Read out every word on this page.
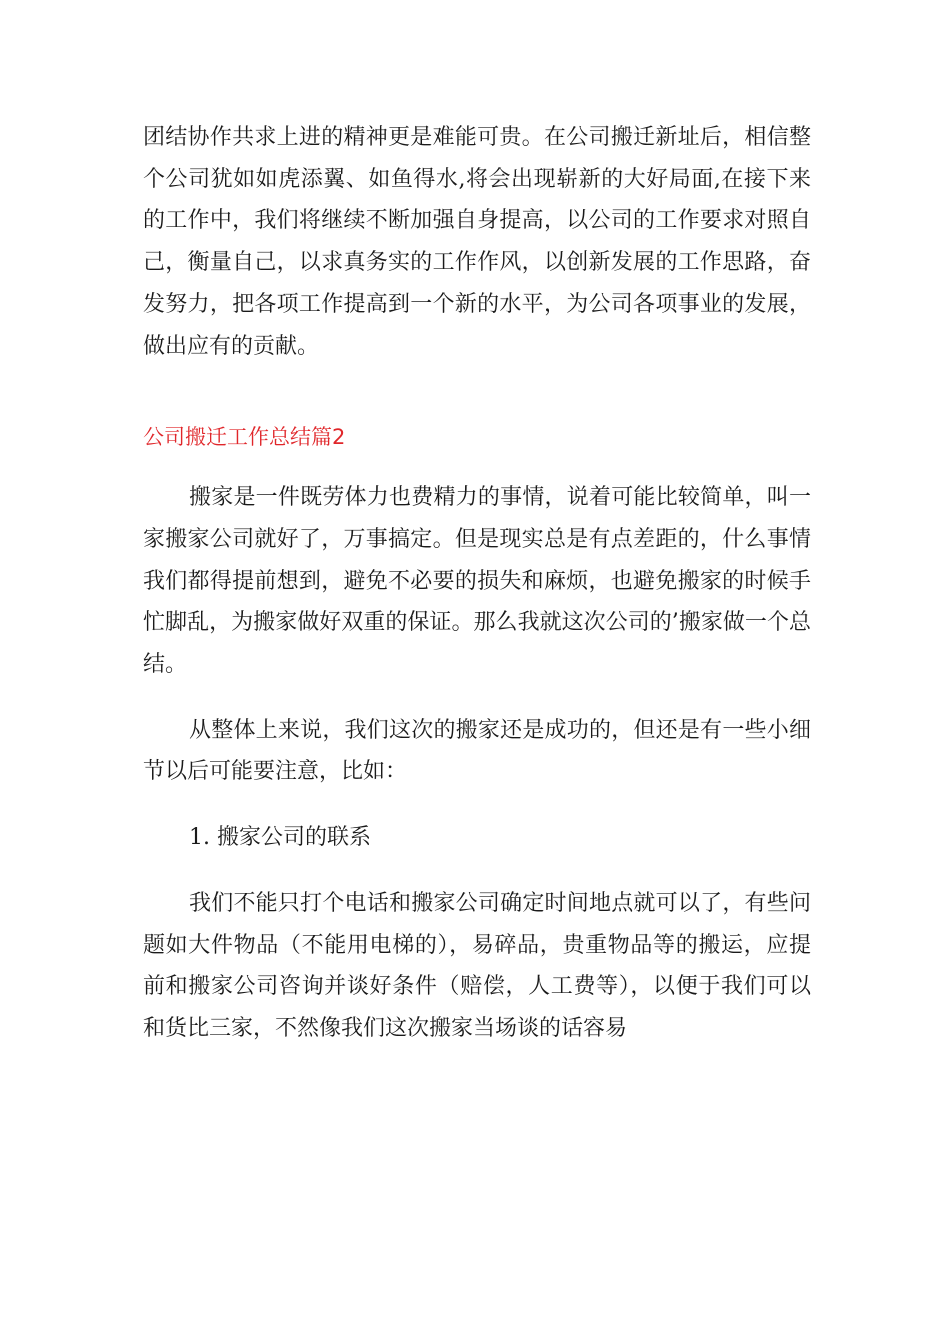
团结协作共求上进的精神更是难能可贵。在公司搬迁新址后，相信整个公司犹如如虎添翼、如鱼得水,将会出现崭新的大好局面,在接下来的工作中，我们将继续不断加强自身提高，以公司的工作要求对照自己，衡量自己，以求真务实的工作作风，以创新发展的工作思路，奋发努力，把各项工作提高到一个新的水平，为公司各项事业的发展，做出应有的贡献。

公司搬迁工作总结篇2

搬家是一件既劳体力也费精力的事情，说着可能比较简单，叫一家搬家公司就好了，万事搞定。但是现实总是有点差距的，什么事情我们都得提前想到，避免不必要的损失和麻烦，也避免搬家的时候手忙脚乱，为搬家做好双重的保证。那么我就这次公司的’搬家做一个总结。

从整体上来说，我们这次的搬家还是成功的，但还是有一些小细节以后可能要注意，比如：

1. 搬家公司的联系

我们不能只打个电话和搬家公司确定时间地点就可以了，有些问题如大件物品（不能用电梯的），易碎品，贵重物品等的搬运，应提前和搬家公司咨询并谈好条件（赔偿，人工费等），以便于我们可以和货比三家，不然像我们这次搬家当场谈的话容易
